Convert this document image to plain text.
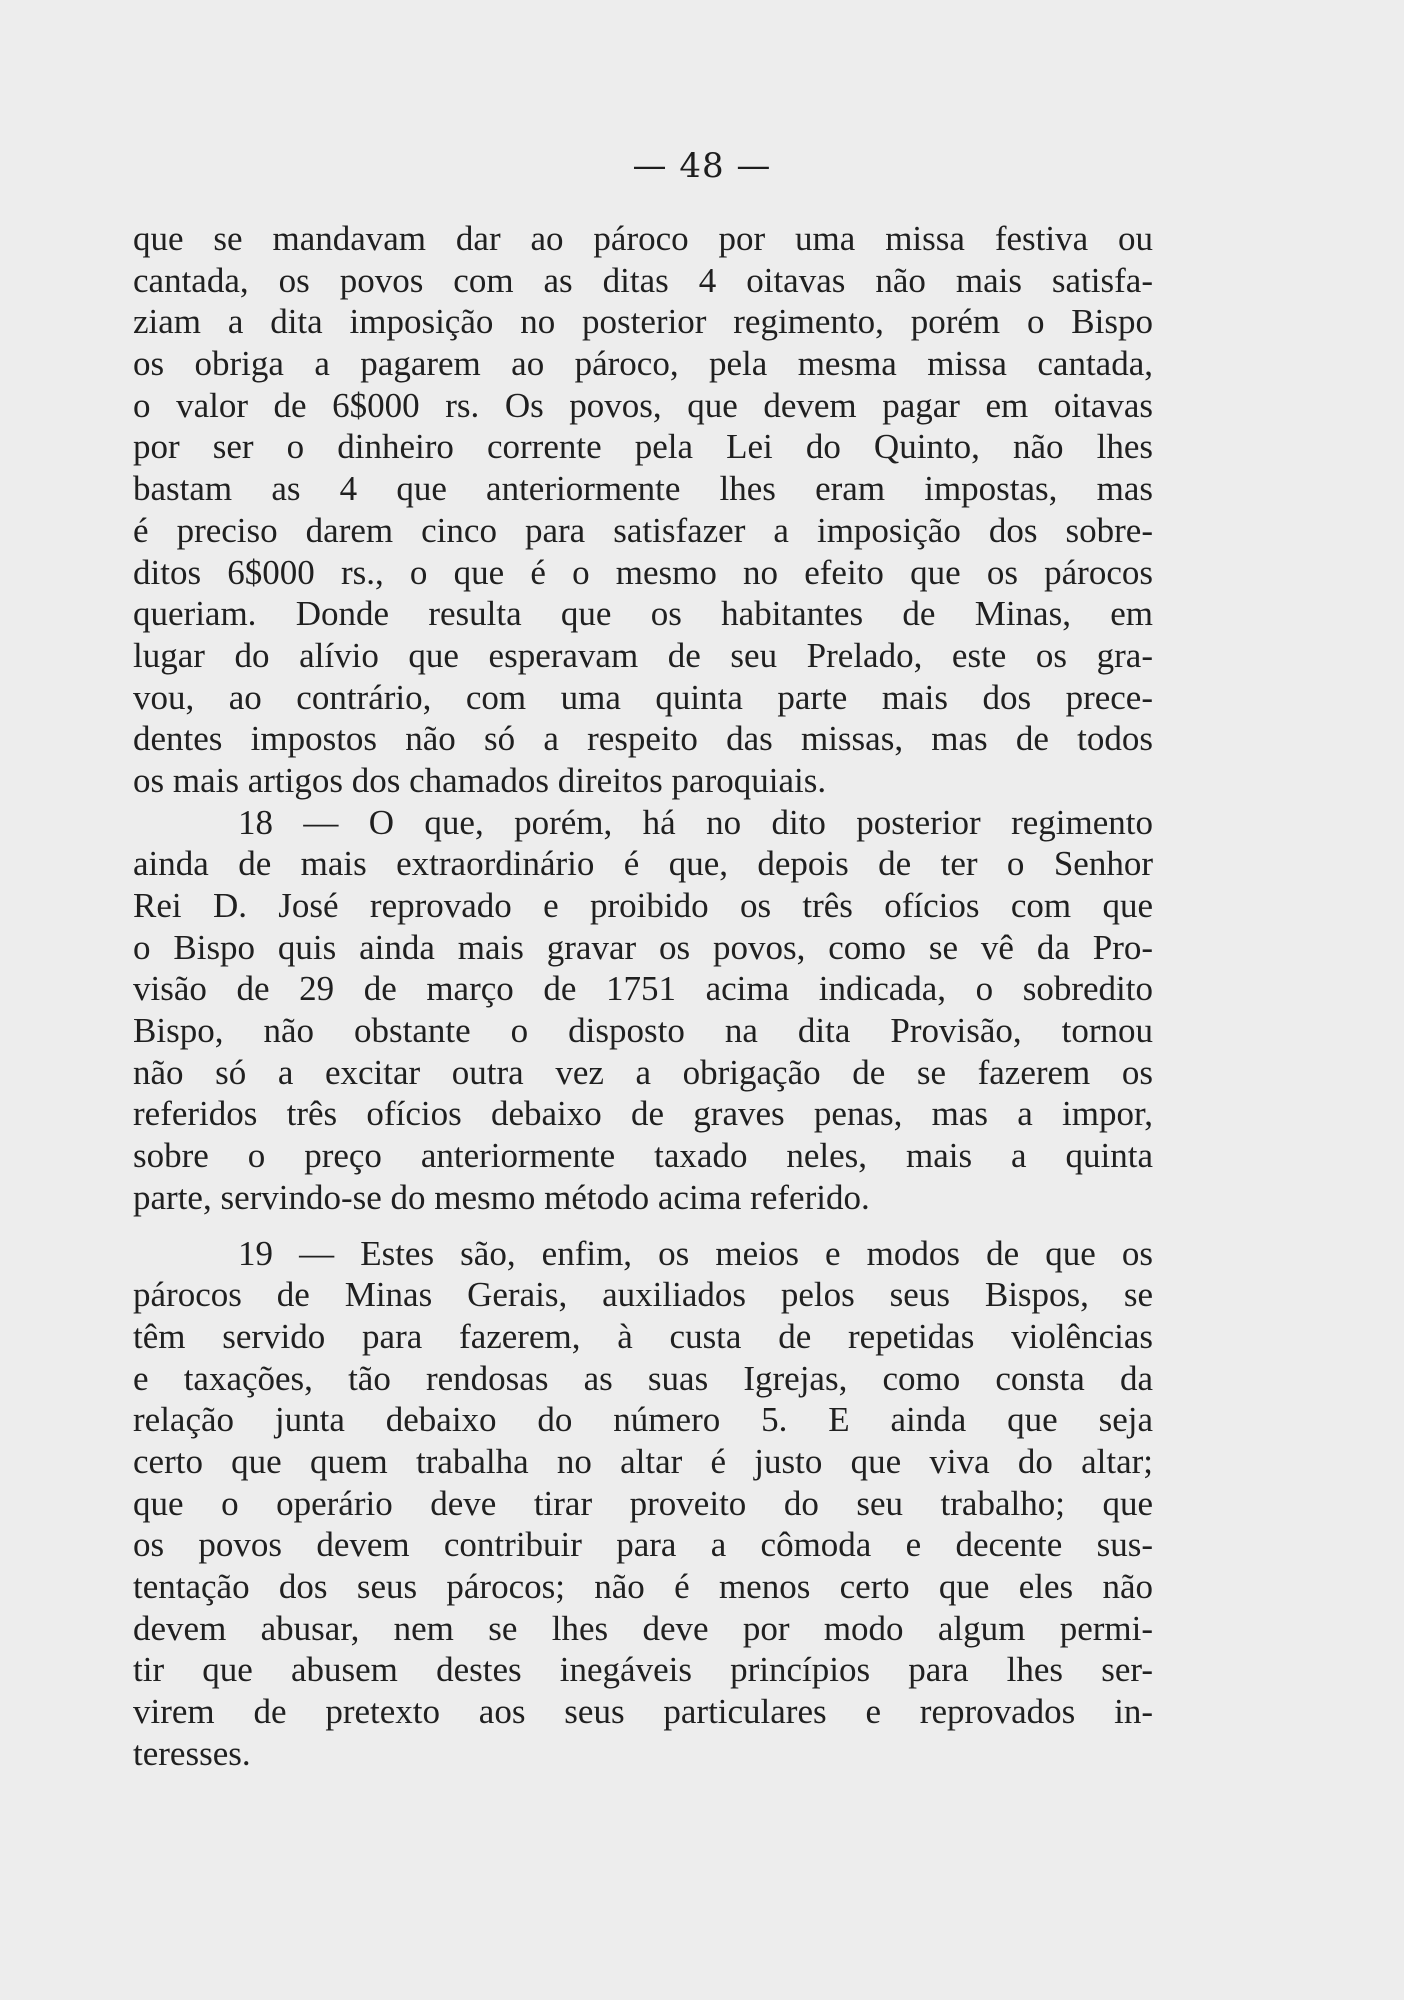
— 48 —
que se mandavam dar ao pároco por uma missa festiva ou
cantada, os povos com as ditas 4 oitavas não mais satisfa-
ziam a dita imposição no posterior regimento, porém o Bispo
os obriga a pagarem ao pároco, pela mesma missa cantada,
o valor de 6$000 rs. Os povos, que devem pagar em oitavas
por ser o dinheiro corrente pela Lei do Quinto, não lhes
bastam as 4 que anteriormente lhes eram impostas, mas
é preciso darem cinco para satisfazer a imposição dos sobre-
ditos 6$000 rs., o que é o mesmo no efeito que os párocos
queriam. Donde resulta que os habitantes de Minas, em
lugar do alívio que esperavam de seu Prelado, este os gra-
vou, ao contrário, com uma quinta parte mais dos prece-
dentes impostos não só a respeito das missas, mas de todos
os mais artigos dos chamados direitos paroquiais.
18 — O que, porém, há no dito posterior regimento
ainda de mais extraordinário é que, depois de ter o Senhor
Rei D. José reprovado e proibido os três ofícios com que
o Bispo quis ainda mais gravar os povos, como se vê da Pro-
visão de 29 de março de 1751 acima indicada, o sobredito
Bispo, não obstante o disposto na dita Provisão, tornou
não só a excitar outra vez a obrigação de se fazerem os
referidos três ofícios debaixo de graves penas, mas a impor,
sobre o preço anteriormente taxado neles, mais a quinta
parte, servindo-se do mesmo método acima referido.
19 — Estes são, enfim, os meios e modos de que os
párocos de Minas Gerais, auxiliados pelos seus Bispos, se
têm servido para fazerem, à custa de repetidas violências
e taxações, tão rendosas as suas Igrejas, como consta da
relação junta debaixo do número 5. E ainda que seja
certo que quem trabalha no altar é justo que viva do altar;
que o operário deve tirar proveito do seu trabalho; que
os povos devem contribuir para a cômoda e decente sus-
tentação dos seus párocos; não é menos certo que eles não
devem abusar, nem se lhes deve por modo algum permi-
tir que abusem destes inegáveis princípios para lhes ser-
virem de pretexto aos seus particulares e reprovados in-
teresses.
